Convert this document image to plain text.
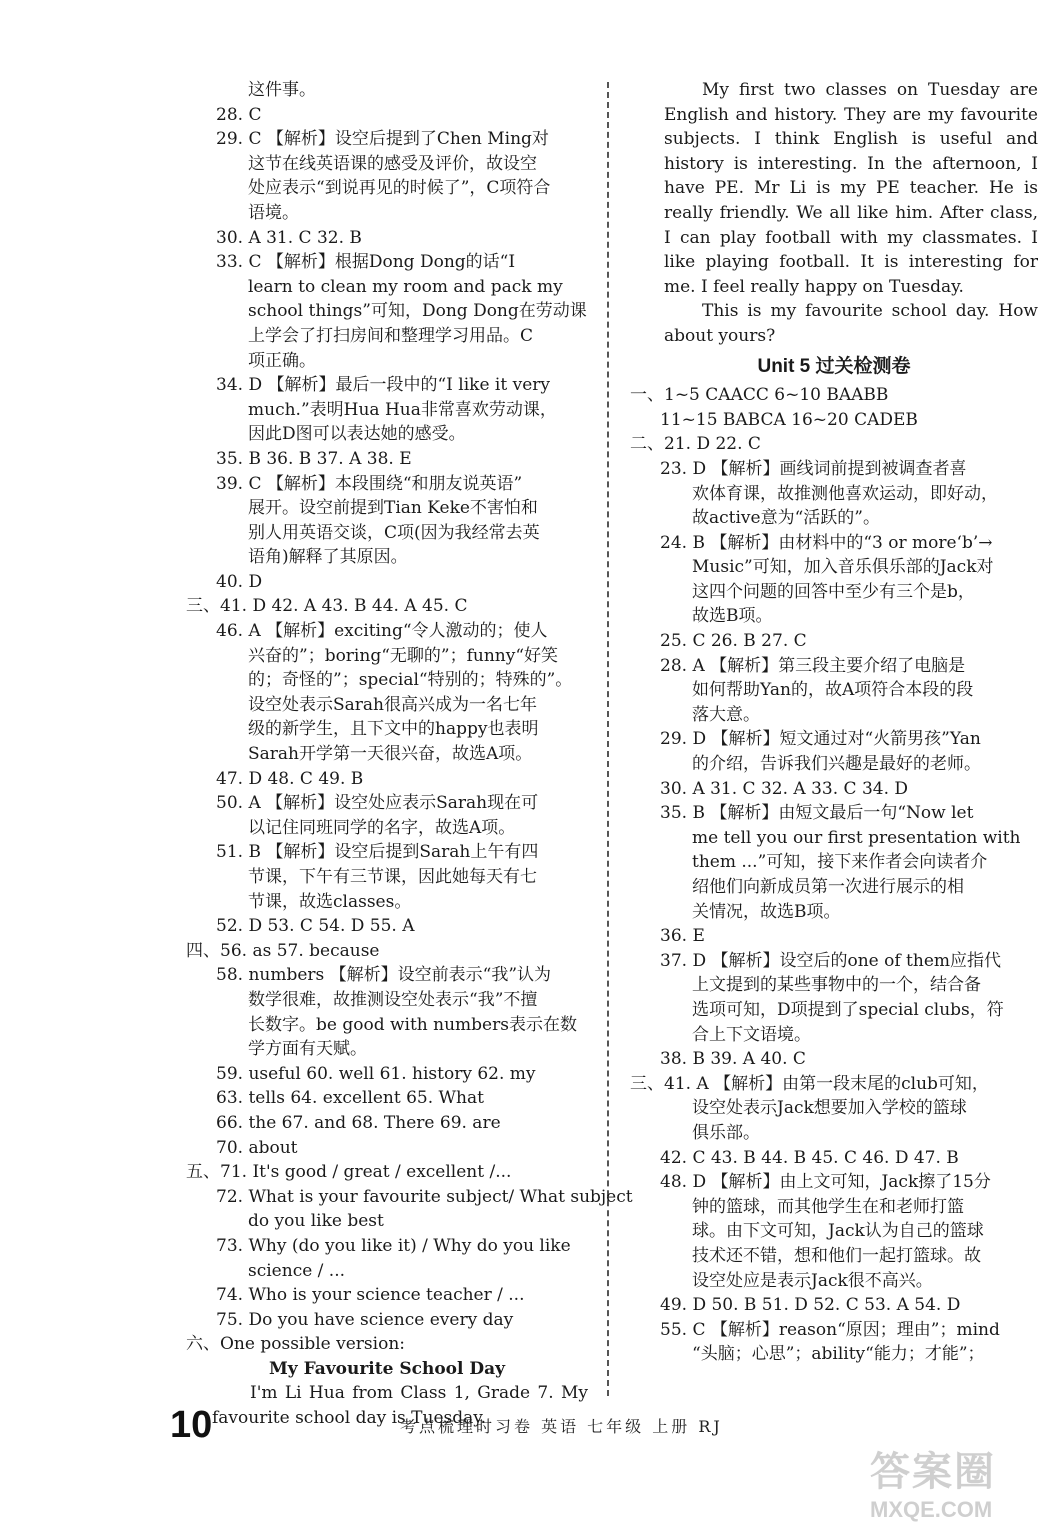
这件事。
28. C
29. C 【解析】设空后提到了Chen Ming对
这节在线英语课的感受及评价，故设空
处应表示“到说再见的时候了”，C项符合
语境。
30. A 31. C 32. B
33. C 【解析】根据Dong Dong的话“I
learn to clean my room and pack my
school things”可知，Dong Dong在劳动课
上学会了打扫房间和整理学习用品。C
项正确。
34. D 【解析】最后一段中的“I like it very
much.”表明Hua Hua非常喜欢劳动课，
因此D图可以表达她的感受。
35. B 36. B 37. A 38. E
39. C 【解析】本段围绕“和朋友说英语”
展开。设空前提到Tian Keke不害怕和
别人用英语交谈，C项(因为我经常去英
语角)解释了其原因。
40. D
三、41. D 42. A 43. B 44. A 45. C
46. A 【解析】exciting“令人激动的；使人
兴奋的”；boring“无聊的”；funny“好笑
的；奇怪的”；special“特别的；特殊的”。
设空处表示Sarah很高兴成为一名七年
级的新学生，且下文中的happy也表明
Sarah开学第一天很兴奋，故选A项。
47. D 48. C 49. B
50. A 【解析】设空处应表示Sarah现在可
以记住同班同学的名字，故选A项。
51. B 【解析】设空后提到Sarah上午有四
节课，下午有三节课，因此她每天有七
节课，故选classes。
52. D 53. C 54. D 55. A
四、56. as 57. because
58. numbers 【解析】设空前表示“我”认为
数学很难，故推测设空处表示“我”不擅
长数字。be good with numbers表示在数
学方面有天赋。
59. useful 60. well 61. history 62. my
63. tells 64. excellent 65. What
66. the 67. and 68. There 69. are
70. about
五、71. It's good / great / excellent /...
72. What is your favourite subject/ What subject
do you like best
73. Why (do you like it) / Why do you like
science / ...
74. Who is your science teacher / ...
75. Do you have science every day
六、One possible version:
My Favourite School Day
I'm Li Hua from Class 1, Grade 7. My favourite school day is Tuesday.
My first two classes on Tuesday are English and history. They are my favourite subjects. I think English is useful and history is interesting. In the afternoon, I have PE. Mr Li is my PE teacher. He is really friendly. We all like him. After class, I can play football with my classmates. I like playing football. It is interesting for me. I feel really happy on Tuesday.
This is my favourite school day. How about yours?
Unit 5 过关检测卷
一、1~5 CAACC 6~10 BAABB
11~15 BABCA 16~20 CADEB
二、21. D 22. C
23. D 【解析】画线词前提到被调查者喜
欢体育课，故推测他喜欢运动，即好动，
故active意为“活跃的”。
24. B 【解析】由材料中的“3 or more‘b’→
Music”可知，加入音乐俱乐部的Jack对
这四个问题的回答中至少有三个是b，
故选B项。
25. C 26. B 27. C
28. A 【解析】第三段主要介绍了电脑是
如何帮助Yan的，故A项符合本段的段
落大意。
29. D 【解析】短文通过对“火箭男孩”Yan
的介绍，告诉我们兴趣是最好的老师。
30. A 31. C 32. A 33. C 34. D
35. B 【解析】由短文最后一句“Now let
me tell you our first presentation with
them ...”可知，接下来作者会向读者介
绍他们向新成员第一次进行展示的相
关情况，故选B项。
36. E
37. D 【解析】设空后的one of them应指代
上文提到的某些事物中的一个，结合备
选项可知，D项提到了special clubs，符
合上下文语境。
38. B 39. A 40. C
三、41. A 【解析】由第一段末尾的club可知，
设空处表示Jack想要加入学校的篮球
俱乐部。
42. C 43. B 44. B 45. C 46. D 47. B
48. D 【解析】由上文可知，Jack擦了15分
钟的篮球，而其他学生在和老师打篮
球。由下文可知，Jack认为自己的篮球
技术还不错，想和他们一起打篮球。故
设空处应是表示Jack很不高兴。
49. D 50. B 51. D 52. C 53. A 54. D
55. C 【解析】reason“原因；理由”；mind
“头脑；心思”；ability“能力；才能”；
10	考点梳理时习卷 英语 七年级 上册 RJ
答案圈
MXQE.COM
